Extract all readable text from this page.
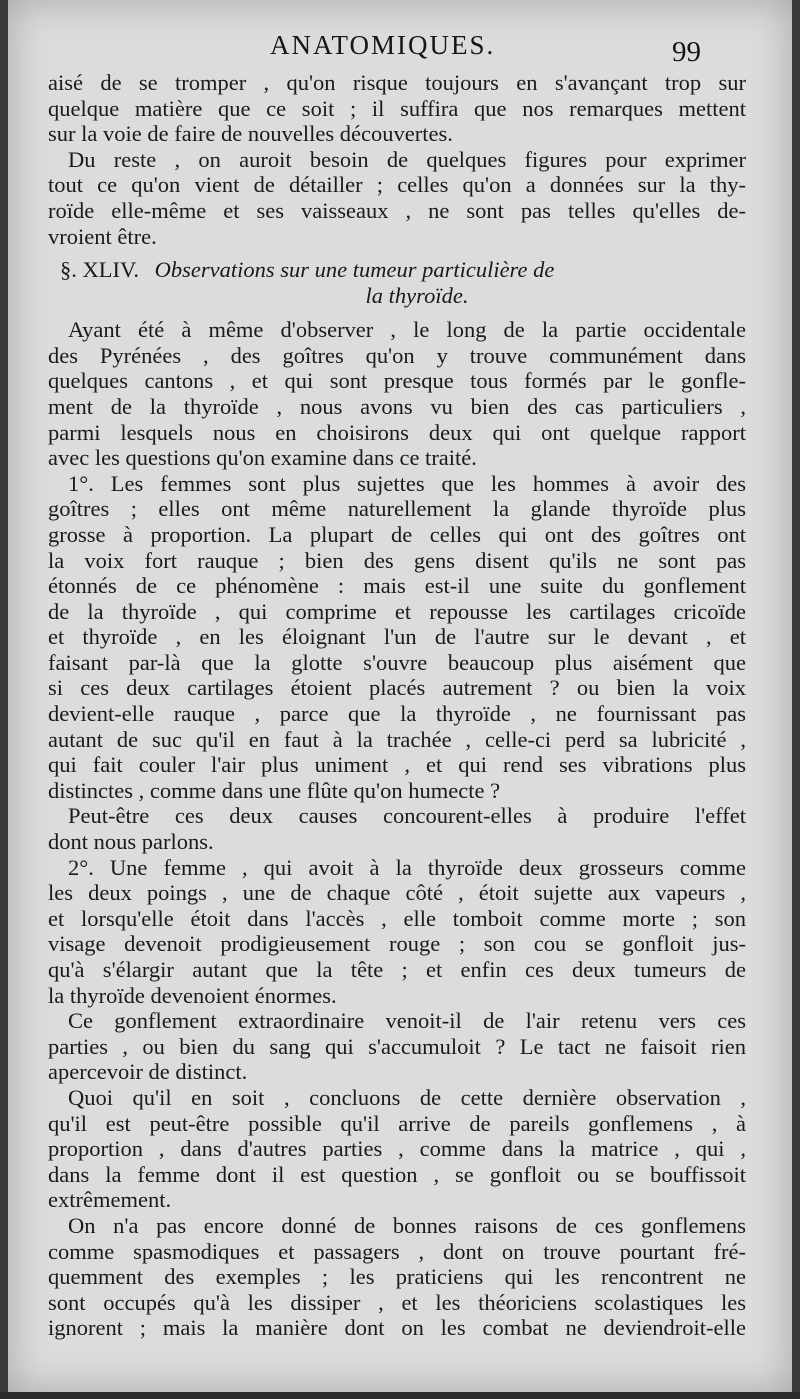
ANATOMIQUES.	99

aisé de se tromper , qu'on risque toujours en s'avançant trop sur
quelque matière que ce soit ; il suffira que nos remarques mettent
sur la voie de faire de nouvelles découvertes.

Du reste , on auroit besoin de quelques figures pour exprimer
tout ce qu'on vient de détailler ; celles qu'on a données sur la thy-
roïde elle-même et ses vaisseaux , ne sont pas telles qu'elles de-
vroient être.

§. XLIV. Observations sur une tumeur particulière de
la thyroïde.

Ayant été à même d'observer , le long de la partie occidentale
des Pyrénées , des goîtres qu'on y trouve communément dans
quelques cantons , et qui sont presque tous formés par le gonfle-
ment de la thyroïde , nous avons vu bien des cas particuliers ,
parmi lesquels nous en choisirons deux qui ont quelque rapport
avec les questions qu'on examine dans ce traité.

1°. Les femmes sont plus sujettes que les hommes à avoir des
goîtres ; elles ont même naturellement la glande thyroïde plus
grosse à proportion. La plupart de celles qui ont des goîtres ont
la voix fort rauque ; bien des gens disent qu'ils ne sont pas
étonnés de ce phénomène : mais est-il une suite du gonflement
de la thyroïde , qui comprime et repousse les cartilages cricoïde
et thyroïde , en les éloignant l'un de l'autre sur le devant , et
faisant par-là que la glotte s'ouvre beaucoup plus aisément que
si ces deux cartilages étoient placés autrement ? ou bien la voix
devient-elle rauque , parce que la thyroïde , ne fournissant pas
autant de suc qu'il en faut à la trachée , celle-ci perd sa lubricité ,
qui fait couler l'air plus uniment , et qui rend ses vibrations plus
distinctes , comme dans une flûte qu'on humecte ?

Peut-être ces deux causes concourent-elles à produire l'effet
dont nous parlons.

2°. Une femme , qui avoit à la thyroïde deux grosseurs comme
les deux poings , une de chaque côté , étoit sujette aux vapeurs ,
et lorsqu'elle étoit dans l'accès , elle tomboit comme morte ; son
visage devenoit prodigieusement rouge ; son cou se gonfloit jus-
qu'à s'élargir autant que la tête ; et enfin ces deux tumeurs de
la thyroïde devenoient énormes.

Ce gonflement extraordinaire venoit-il de l'air retenu vers ces
parties , ou bien du sang qui s'accumuloit ? Le tact ne faisoit rien
apercevoir de distinct.

Quoi qu'il en soit , concluons de cette dernière observation ,
qu'il est peut-être possible qu'il arrive de pareils gonflemens , à
proportion , dans d'autres parties , comme dans la matrice , qui ,
dans la femme dont il est question , se gonfloit ou se bouffissoit
extrêmement.

On n'a pas encore donné de bonnes raisons de ces gonflemens
comme spasmodiques et passagers , dont on trouve pourtant fré-
quemment des exemples ; les praticiens qui les rencontrent ne
sont occupés qu'à les dissiper , et les théoriciens scolastiques les
ignorent ; mais la manière dont on les combat ne deviendroit-elle
